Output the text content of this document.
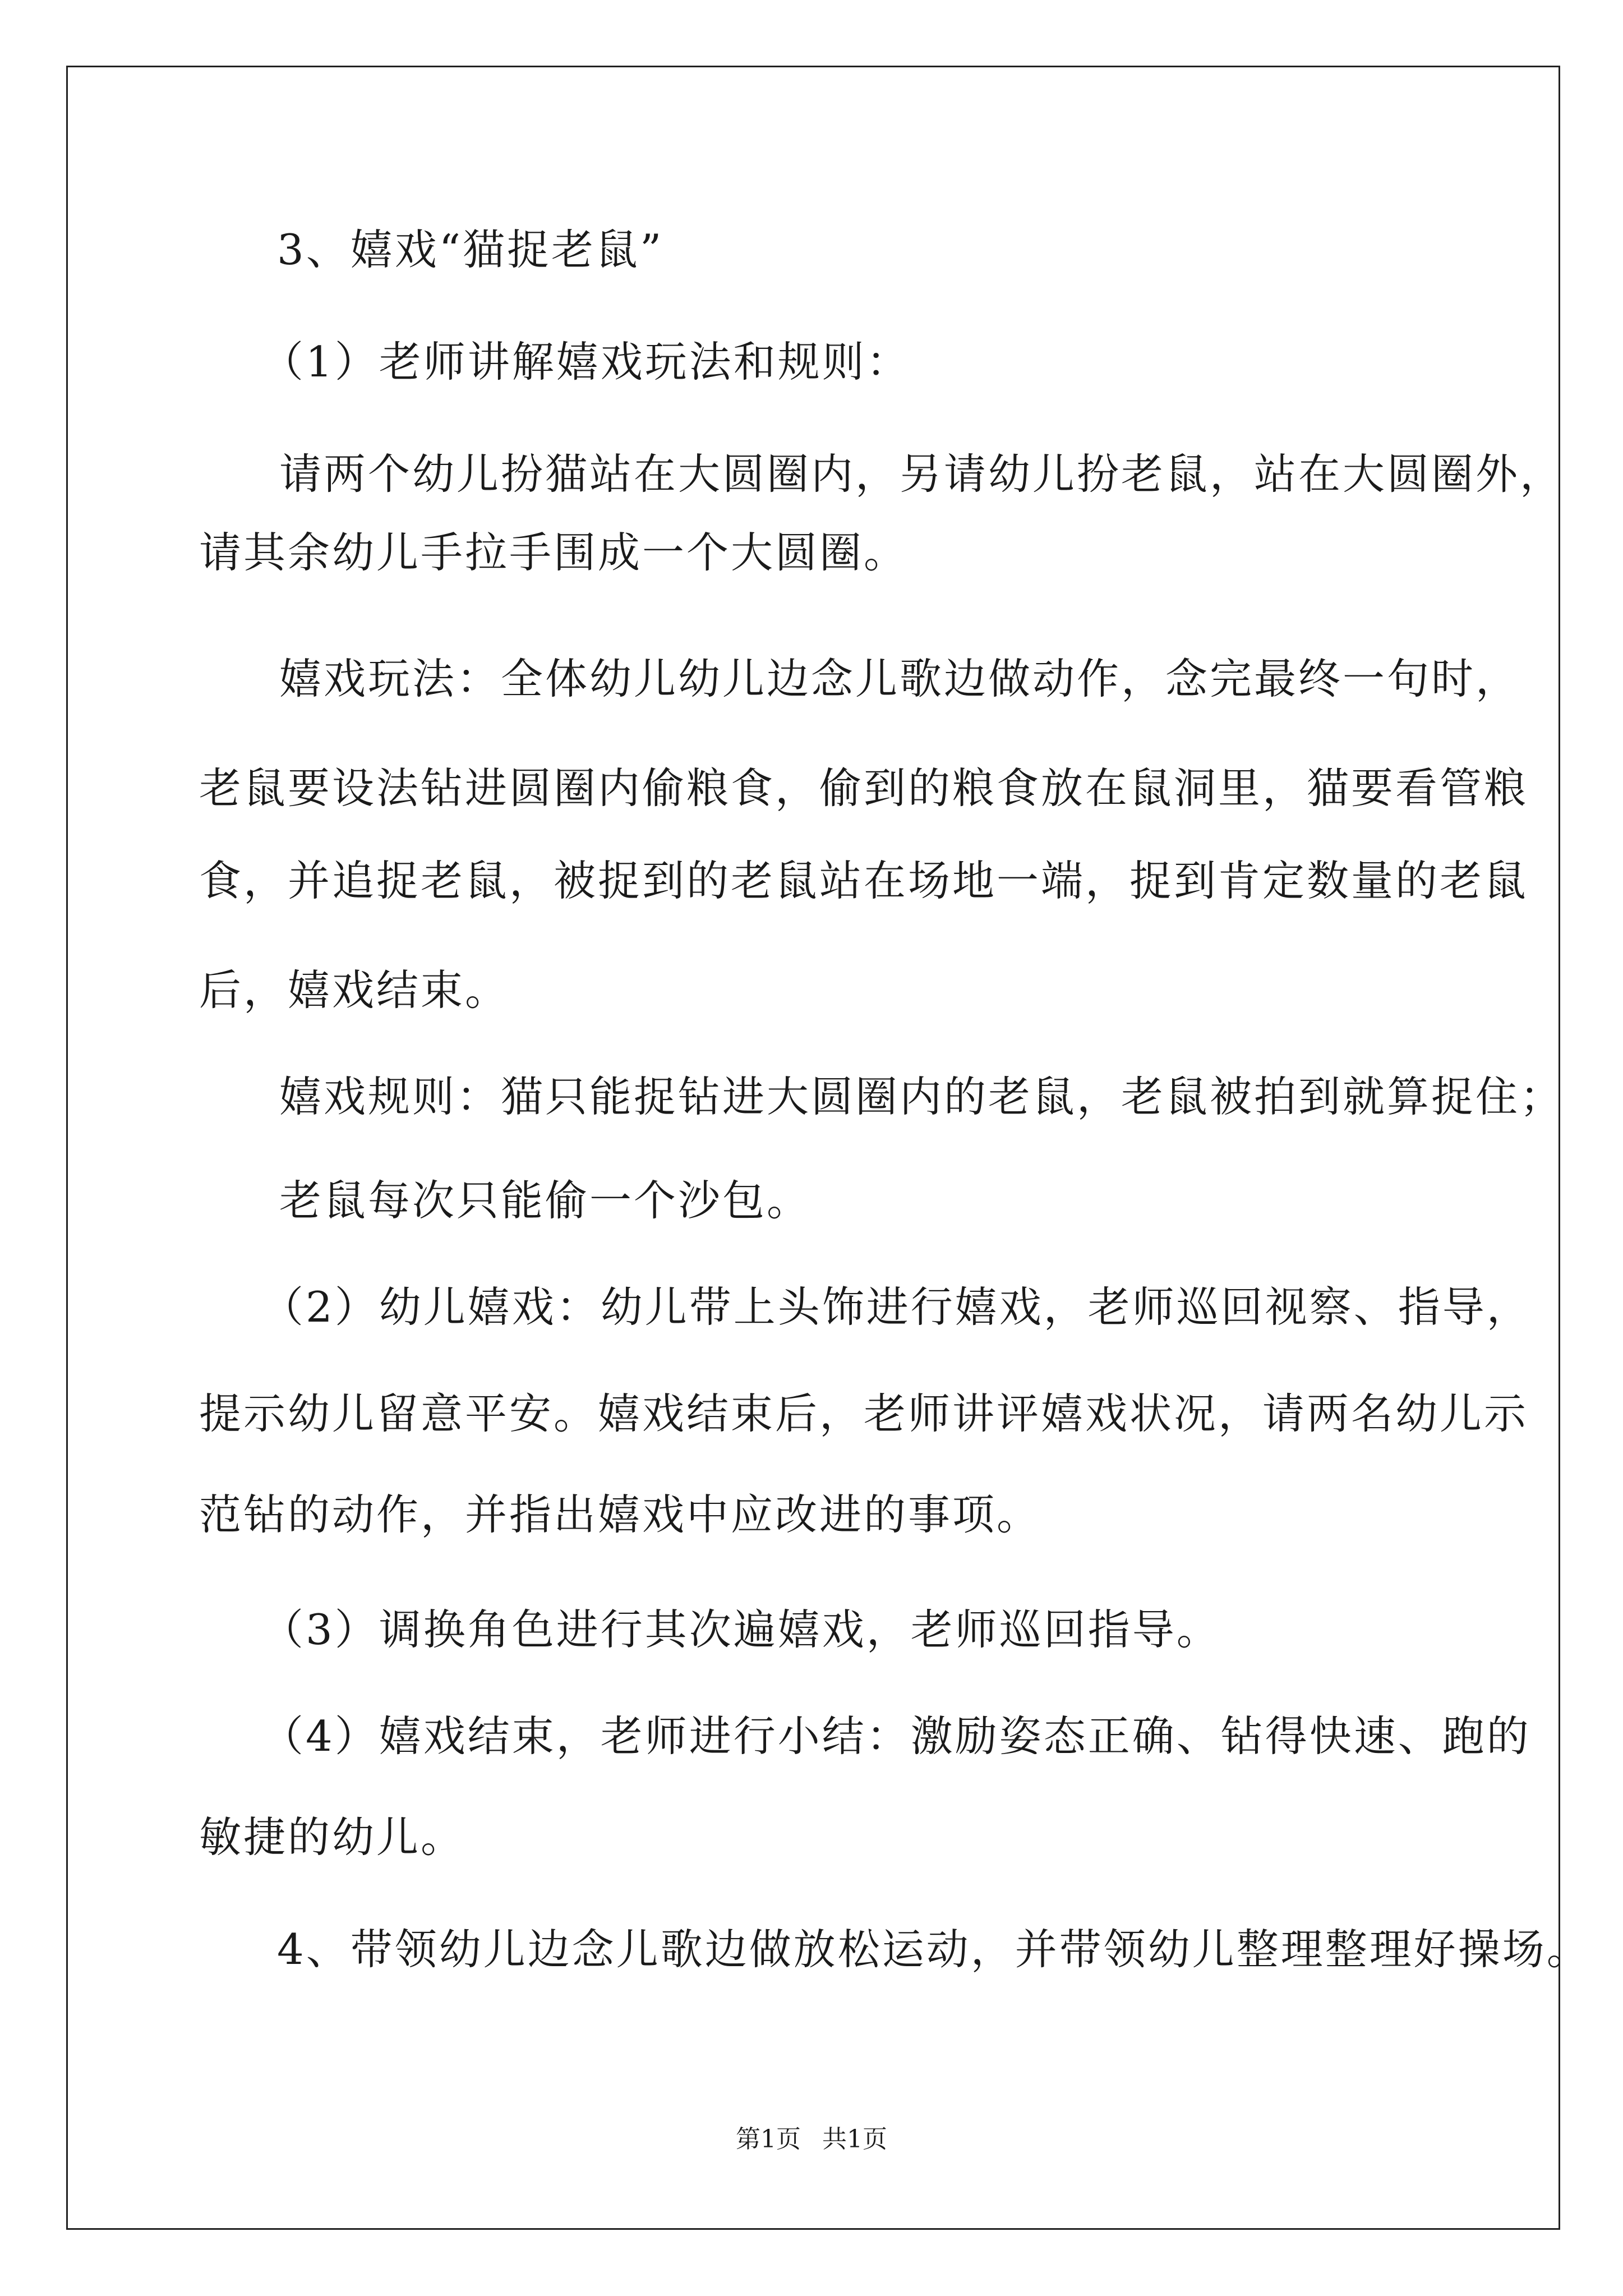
3、嬉戏“猫捉老鼠”
（1）老师讲解嬉戏玩法和规则：
请两个幼儿扮猫站在大圆圈内，另请幼儿扮老鼠，站在大圆圈外，
请其余幼儿手拉手围成一个大圆圈。
嬉戏玩法：全体幼儿幼儿边念儿歌边做动作，念完最终一句时，
老鼠要设法钻进圆圈内偷粮食，偷到的粮食放在鼠洞里，猫要看管粮
食，并追捉老鼠，被捉到的老鼠站在场地一端，捉到肯定数量的老鼠
后，嬉戏结束。
嬉戏规则：猫只能捉钻进大圆圈内的老鼠，老鼠被拍到就算捉住；
老鼠每次只能偷一个沙包。
（2）幼儿嬉戏：幼儿带上头饰进行嬉戏，老师巡回视察、指导，
提示幼儿留意平安。嬉戏结束后，老师讲评嬉戏状况，请两名幼儿示
范钻的动作，并指出嬉戏中应改进的事项。
（3）调换角色进行其次遍嬉戏，老师巡回指导。
（4）嬉戏结束，老师进行小结：激励姿态正确、钻得快速、跑的
敏捷的幼儿。
4、带领幼儿边念儿歌边做放松运动，并带领幼儿整理整理好操场。
第1页 共1页
